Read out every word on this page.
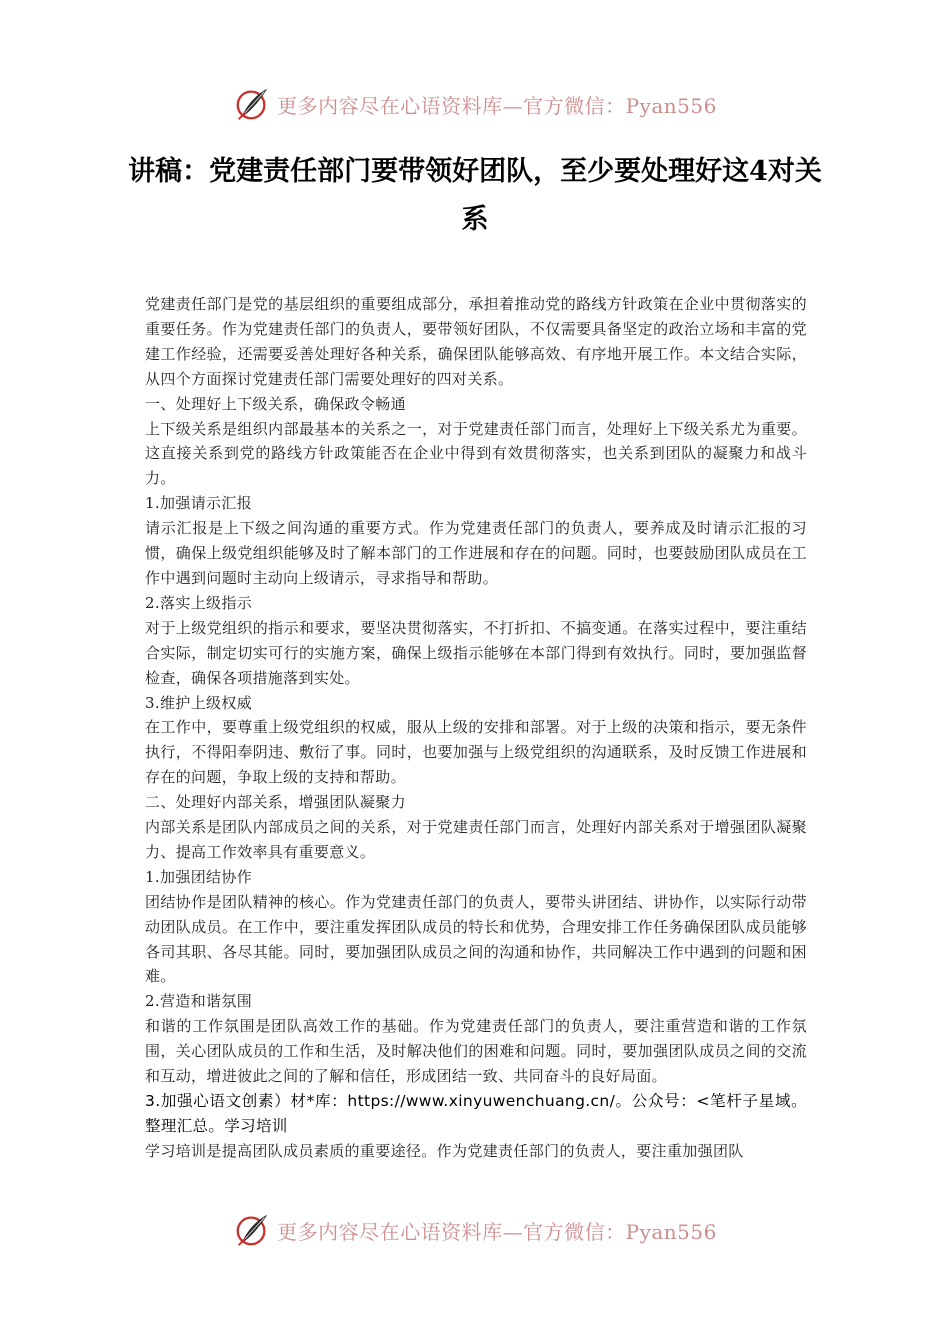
更多内容尽在心语资料库—官方微信：Pyan556
讲稿：党建责任部门要带领好团队，至少要处理好这4对关系

党建责任部门是党的基层组织的重要组成部分，承担着推动党的路线方针政策在企业中贯彻落实的重要任务。作为党建责任部门的负责人，要带领好团队，不仅需要具备坚定的政治立场和丰富的党建工作经验，还需要妥善处理好各种关系，确保团队能够高效、有序地开展工作。本文结合实际，从四个方面探讨党建责任部门需要处理好的四对关系。

一、处理好上下级关系，确保政令畅通

上下级关系是组织内部最基本的关系之一，对于党建责任部门而言，处理好上下级关系尤为重要。这直接关系到党的路线方针政策能否在企业中得到有效贯彻落实，也关系到团队的凝聚力和战斗力。

1.加强请示汇报

请示汇报是上下级之间沟通的重要方式。作为党建责任部门的负责人，要养成及时请示汇报的习惯，确保上级党组织能够及时了解本部门的工作进展和存在的问题。同时，也要鼓励团队成员在工作中遇到问题时主动向上级请示，寻求指导和帮助。

2.落实上级指示

对于上级党组织的指示和要求，要坚决贯彻落实，不打折扣、不搞变通。在落实过程中，要注重结合实际，制定切实可行的实施方案，确保上级指示能够在本部门得到有效执行。同时，要加强监督检查，确保各项措施落到实处。

3.维护上级权威

在工作中，要尊重上级党组织的权威，服从上级的安排和部署。对于上级的决策和指示，要无条件执行，不得阳奉阴违、敷衍了事。同时，也要加强与上级党组织的沟通联系，及时反馈工作进展和存在的问题，争取上级的支持和帮助。

二、处理好内部关系，增强团队凝聚力

内部关系是团队内部成员之间的关系，对于党建责任部门而言，处理好内部关系对于增强团队凝聚力、提高工作效率具有重要意义。

1.加强团结协作

团结协作是团队精神的核心。作为党建责任部门的负责人，要带头讲团结、讲协作，以实际行动带动团队成员。在工作中，要注重发挥团队成员的特长和优势，合理安排工作任务确保团队成员能够各司其职、各尽其能。同时，要加强团队成员之间的沟通和协作，共同解决工作中遇到的问题和困难。

2.营造和谐氛围

和谐的工作氛围是团队高效工作的基础。作为党建责任部门的负责人，要注重营造和谐的工作氛围，关心团队成员的工作和生活，及时解决他们的困难和问题。同时，要加强团队成员之间的交流和互动，增进彼此之间的了解和信任，形成团结一致、共同奋斗的良好局面。

3.加强心语文创素）材*库：https://www.xinyuwenchuang.cn/。公众号：<笔杆子星域。整理汇总。学习培训

学习培训是提高团队成员素质的重要途径。作为党建责任部门的负责人，要注重加强团队

更多内容尽在心语资料库—官方微信：Pyan556
